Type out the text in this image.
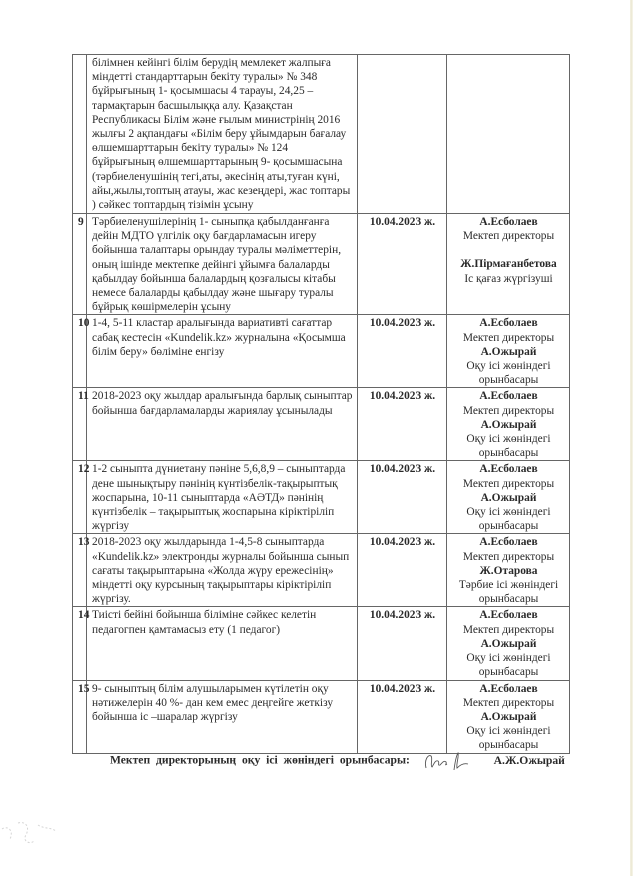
	білімнен кейінгі білім берудің мемлекет жалпыға міндетті стандарттарын бекіту туралы» № 348 бұйрығының 1- қосымшасы 4 тарауы, 24,25 – тармақтарын басшылыққа алу. Қазақстан Республикасы Білім және ғылым министрінің 2016 жылғы 2 ақпандағы «Білім беру ұйымдарын бағалау өлшемшарттарын бекіту туралы» № 124 бұйрығының өлшемшарттарының 9- қосымшасына (тәрбиеленушінің тегі,аты, әкесінің аты,туған күні, айы,жылы,топтың атауы, жас кезеңдері, жас топтары ) сәйкес топтардың тізімін ұсыну		
9	Тәрбиеленушілерінің 1- сыныпқа қабылданғанға дейін МДТО үлгілік оқу бағдарламасын игеру бойынша талаптары орындау туралы мәліметтерін, оның ішінде мектепке дейінгі ұйымға балаларды қабылдау бойынша балалардың қозғалысы кітабы немесе балаларды қабылдау және шығару туралы бұйрық көшірмелерін ұсыну	10.04.2023 ж.	А.Есболаев
Мектеп директоры
Ж.Пірмағанбетова
Іс қағаз жүргізуші

10	1-4, 5-11 кластар аралығында вариативті сағаттар сабақ кестесін «Kundelik.kz» журналына «Қосымша білім беру» бөліміне енгізу	10.04.2023 ж.	А.Есболаев
Мектеп директоры
А.Ожырай
Оқу ісі жөніндегі орынбасары

11	2018-2023 оқу жылдар аралығында барлық сыныптар бойынша бағдарламаларды жариялау ұсынылады	10.04.2023 ж.	А.Есболаев
Мектеп директоры
А.Ожырай
Оқу ісі жөніндегі орынбасары

12	1-2 сыныпта дүниетану пәніне 5,6,8,9 – сыныптарда дене шынықтыру пәнінің күнтізбелік-тақырыптық жоспарына, 10-11 сыныптарда «АӘТД» пәнінің күнтізбелік – тақырыптық жоспарына кіріктіріліп жүргізу	10.04.2023 ж.	А.Есболаев
Мектеп директоры
А.Ожырай
Оқу ісі жөніндегі орынбасары

13	2018-2023 оқу жылдарында 1-4,5-8 сыныптарда «Kundelik.kz» электронды журналы бойынша сынып сағаты тақырыптарына «Жолда жүру ережесінің» міндетті оқу курсының тақырыптары кіріктіріліп жүргізу.	10.04.2023 ж.	А.Есболаев
Мектеп директоры
Ж.Отарова
Тәрбие ісі жөніндегі орынбасары

14	Тиісті бейіні бойынша біліміне сәйкес келетін педагогпен қамтамасыз ету (1 педагог)	10.04.2023 ж.	А.Есболаев
Мектеп директоры
А.Ожырай
Оқу ісі жөніндегі орынбасары

15	9- сыныптың білім алушыларымен күтілетін оқу нәтижелерін 40 %- дан кем емес деңгейге жеткізу бойынша іс –шаралар жүргізу	10.04.2023 ж.	А.Есболаев
Мектеп директоры
А.Ожырай
Оқу ісі жөніндегі орынбасары
Мектеп директорының оқу ісі жөніндегі орынбасары:	А.Ж.Ожырай
